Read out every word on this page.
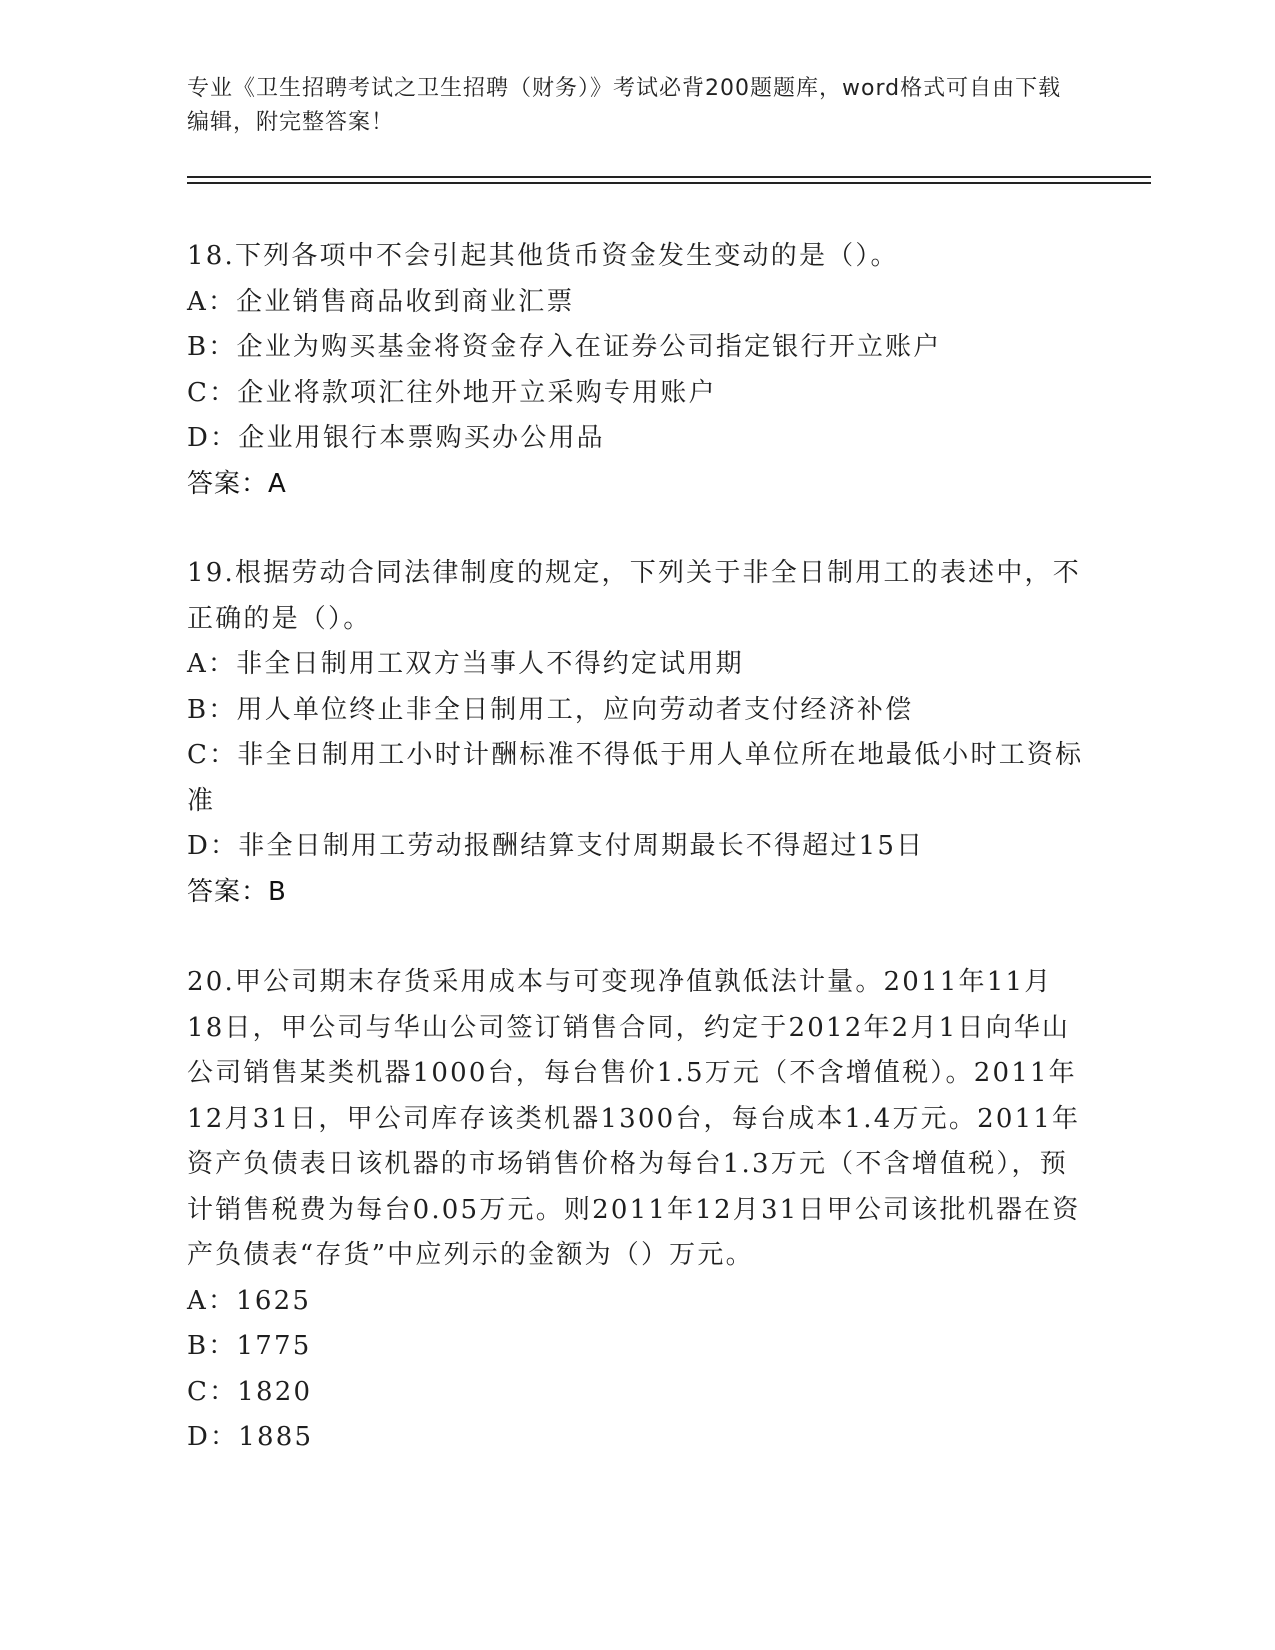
专业《卫生招聘考试之卫生招聘（财务）》考试必背200题题库，word格式可自由下载编辑，附完整答案！

18.下列各项中不会引起其他货币资金发生变动的是（）。

A：企业销售商品收到商业汇票

B：企业为购买基金将资金存入在证券公司指定银行开立账户

C：企业将款项汇往外地开立采购专用账户

D：企业用银行本票购买办公用品

答案：A

19.根据劳动合同法律制度的规定，下列关于非全日制用工的表述中，不正确的是（）。

A：非全日制用工双方当事人不得约定试用期

B：用人单位终止非全日制用工，应向劳动者支付经济补偿

C：非全日制用工小时计酬标准不得低于用人单位所在地最低小时工资标准

D：非全日制用工劳动报酬结算支付周期最长不得超过15日

答案：B

20.甲公司期末存货采用成本与可变现净值孰低法计量。2011年11月18日，甲公司与华山公司签订销售合同，约定于2012年2月1日向华山公司销售某类机器1000台，每台售价1.5万元（不含增值税）。2011年12月31日，甲公司库存该类机器1300台，每台成本1.4万元。2011年资产负债表日该机器的市场销售价格为每台1.3万元（不含增值税），预计销售税费为每台0.05万元。则2011年12月31日甲公司该批机器在资产负债表“存货”中应列示的金额为（）万元。

A：1625

B：1775

C：1820

D：1885
